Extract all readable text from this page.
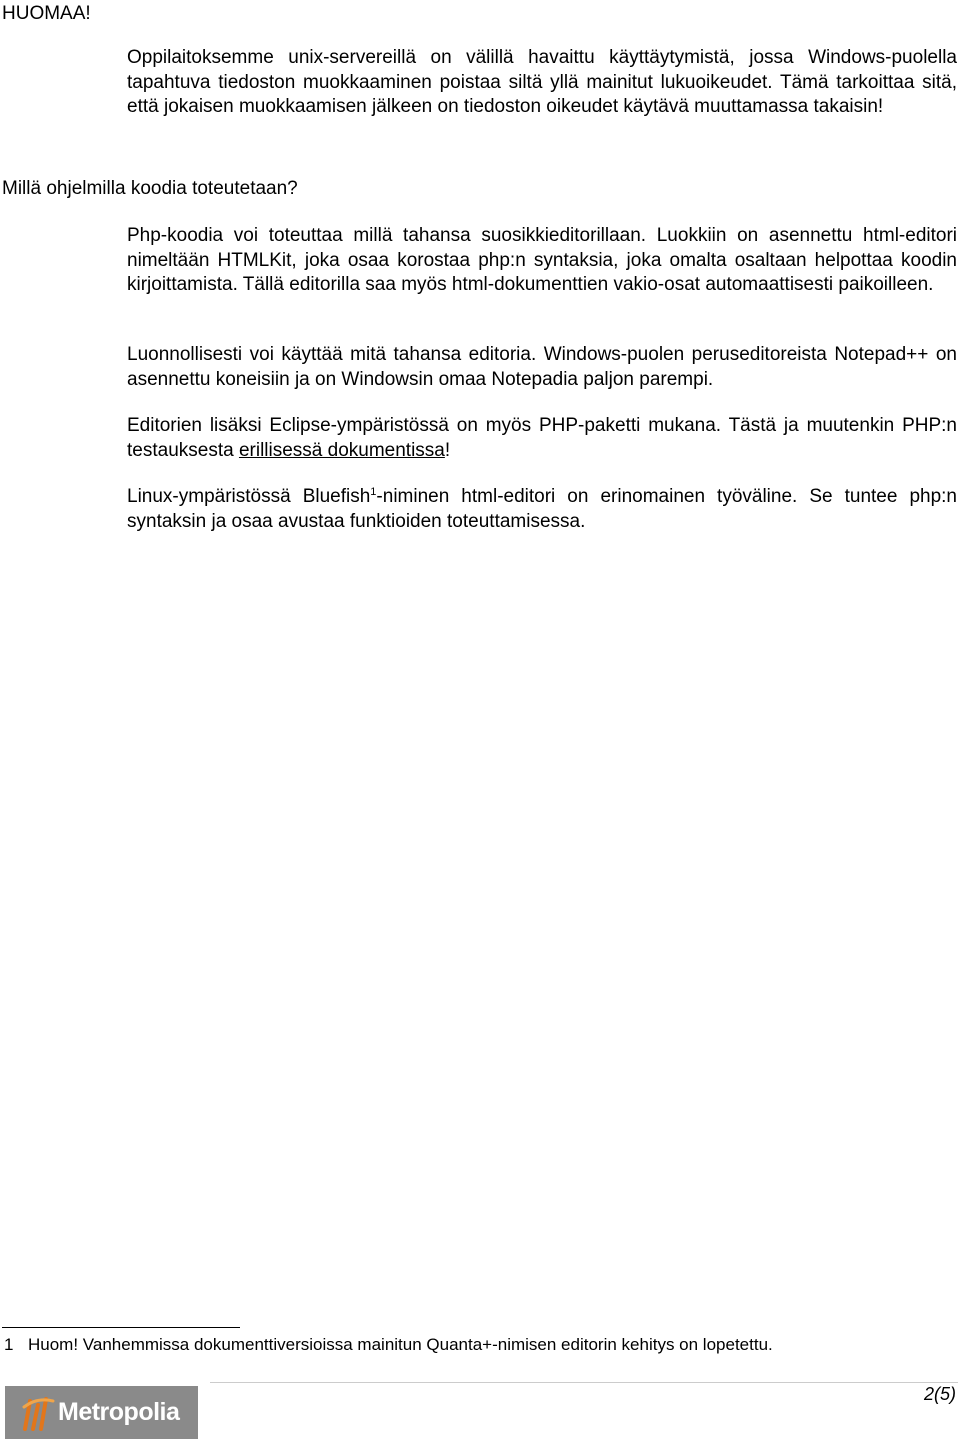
HUOMAA!

Oppilaitoksemme unix-servereillä on välillä havaittu käyttäytymistä, jossa Windows-puolella tapahtuva tiedoston muokkaaminen poistaa siltä yllä mainitut lukuoikeudet. Tämä tarkoittaa sitä, että jokaisen muokkaamisen jälkeen on tiedoston oikeudet käytävä muuttamassa takaisin!

Millä ohjelmilla koodia toteutetaan?

Php-koodia voi toteuttaa millä tahansa suosikkieditorillaan. Luokkiin on asennettu html-editori nimeltään HTMLKit, joka osaa korostaa php:n syntaksia, joka omalta osaltaan helpottaa koodin kirjoittamista. Tällä editorilla saa myös html-dokumenttien vakio-osat automaattisesti paikoilleen.

Luonnollisesti voi käyttää mitä tahansa editoria. Windows-puolen peruseditoreista Notepad++ on asennettu koneisiin ja on Windowsin omaa Notepadia paljon parempi.

Editorien lisäksi Eclipse-ympäristössä on myös PHP-paketti mukana. Tästä ja muutenkin PHP:n testauksesta erillisessä dokumentissa!

Linux-ympäristössä Bluefish$^1$-niminen html-editori on erinomainen työväline. Se tuntee php:n syntaksin ja osaa avustaa funktioiden toteuttamisessa.

1 Huom! Vanhemmissa dokumenttiversioissa mainitun Quanta+-nimisen editorin kehitys on lopetettu.
Metropolia
2(5)
